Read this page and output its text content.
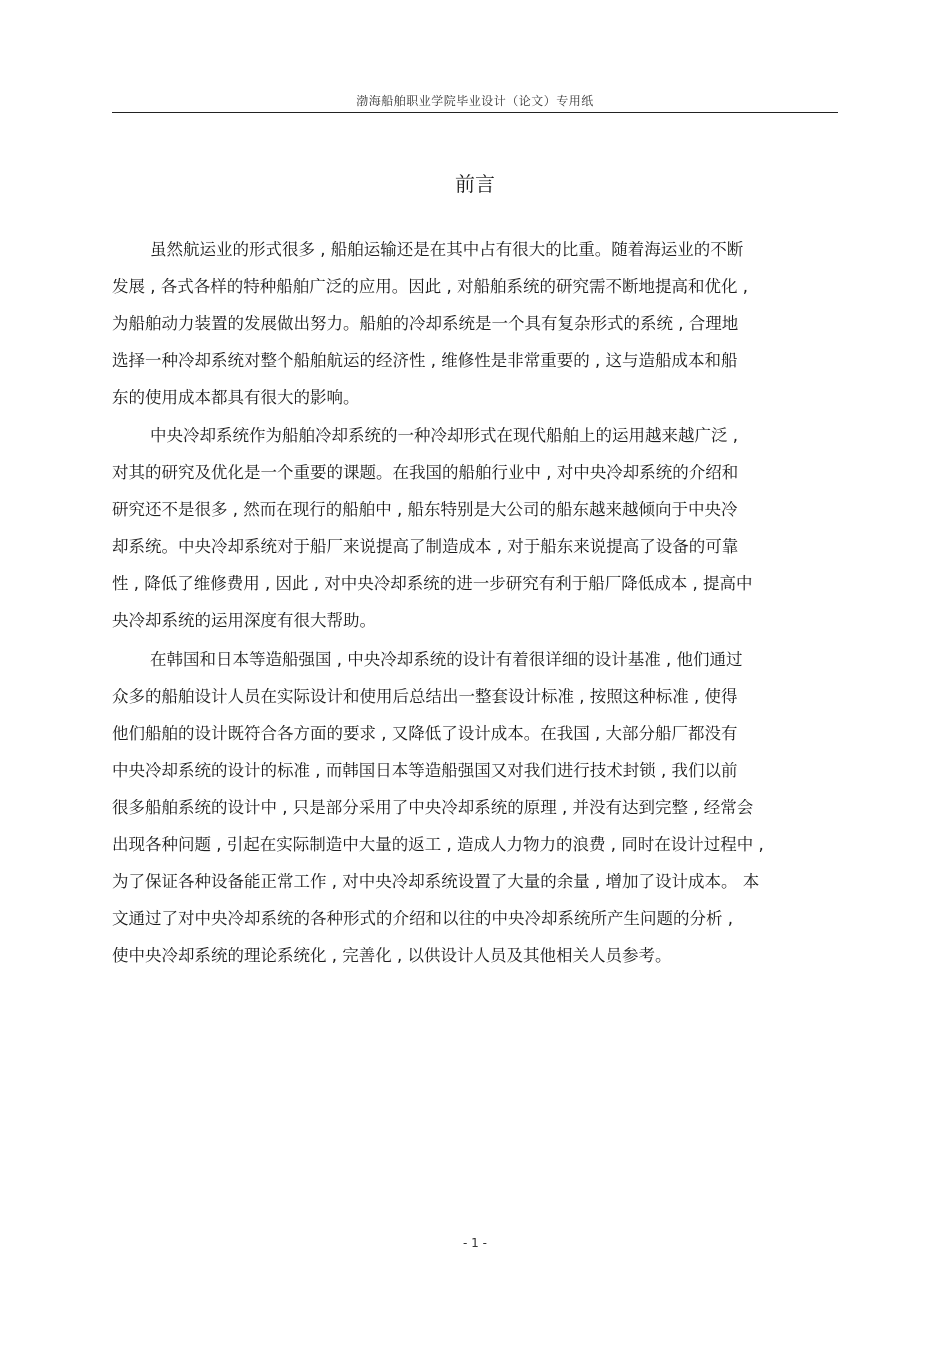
渤海船舶职业学院毕业设计（论文）专用纸
前言
虽然航运业的形式很多 , 船舶运输还是在其中占有很大的比重。随着海运业的不断
发展 , 各式各样的特种船舶广泛的应用。因此 , 对船舶系统的研究需不断地提高和优化 ,
为船舶动力装置的发展做出努力。船舶的冷却系统是一个具有复杂形式的系统 , 合理地
选择一种冷却系统对整个船舶航运的经济性 , 维修性是非常重要的 , 这与造船成本和船
东的使用成本都具有很大的影响。
中央冷却系统作为船舶冷却系统的一种冷却形式在现代船舶上的运用越来越广泛 ,
对其的研究及优化是一个重要的课题。在我国的船舶行业中 , 对中央冷却系统的介绍和
研究还不是很多 , 然而在现行的船舶中 , 船东特别是大公司的船东越来越倾向于中央冷
却系统。中央冷却系统对于船厂来说提高了制造成本 , 对于船东来说提高了设备的可靠
性 , 降低了维修费用 , 因此 , 对中央冷却系统的进一步研究有利于船厂降低成本 , 提高中
央冷却系统的运用深度有很大帮助。
在韩国和日本等造船强国 , 中央冷却系统的设计有着很详细的设计基准 , 他们通过
众多的船舶设计人员在实际设计和使用后总结出一整套设计标准 , 按照这种标准 , 使得
他们船舶的设计既符合各方面的要求 , 又降低了设计成本。在我国 , 大部分船厂都没有
中央冷却系统的设计的标准 , 而韩国日本等造船强国又对我们进行技术封锁 , 我们以前
很多船舶系统的设计中 , 只是部分采用了中央冷却系统的原理 , 并没有达到完整 , 经常会
出现各种问题 , 引起在实际制造中大量的返工 , 造成人力物力的浪费 , 同时在设计过程中 ,
为了保证各种设备能正常工作 , 对中央冷却系统设置了大量的余量 , 增加了设计成本。 本
文通过了对中央冷却系统的各种形式的介绍和以往的中央冷却系统所产生问题的分析 ,
使中央冷却系统的理论系统化 , 完善化 , 以供设计人员及其他相关人员参考。
- 1 -
